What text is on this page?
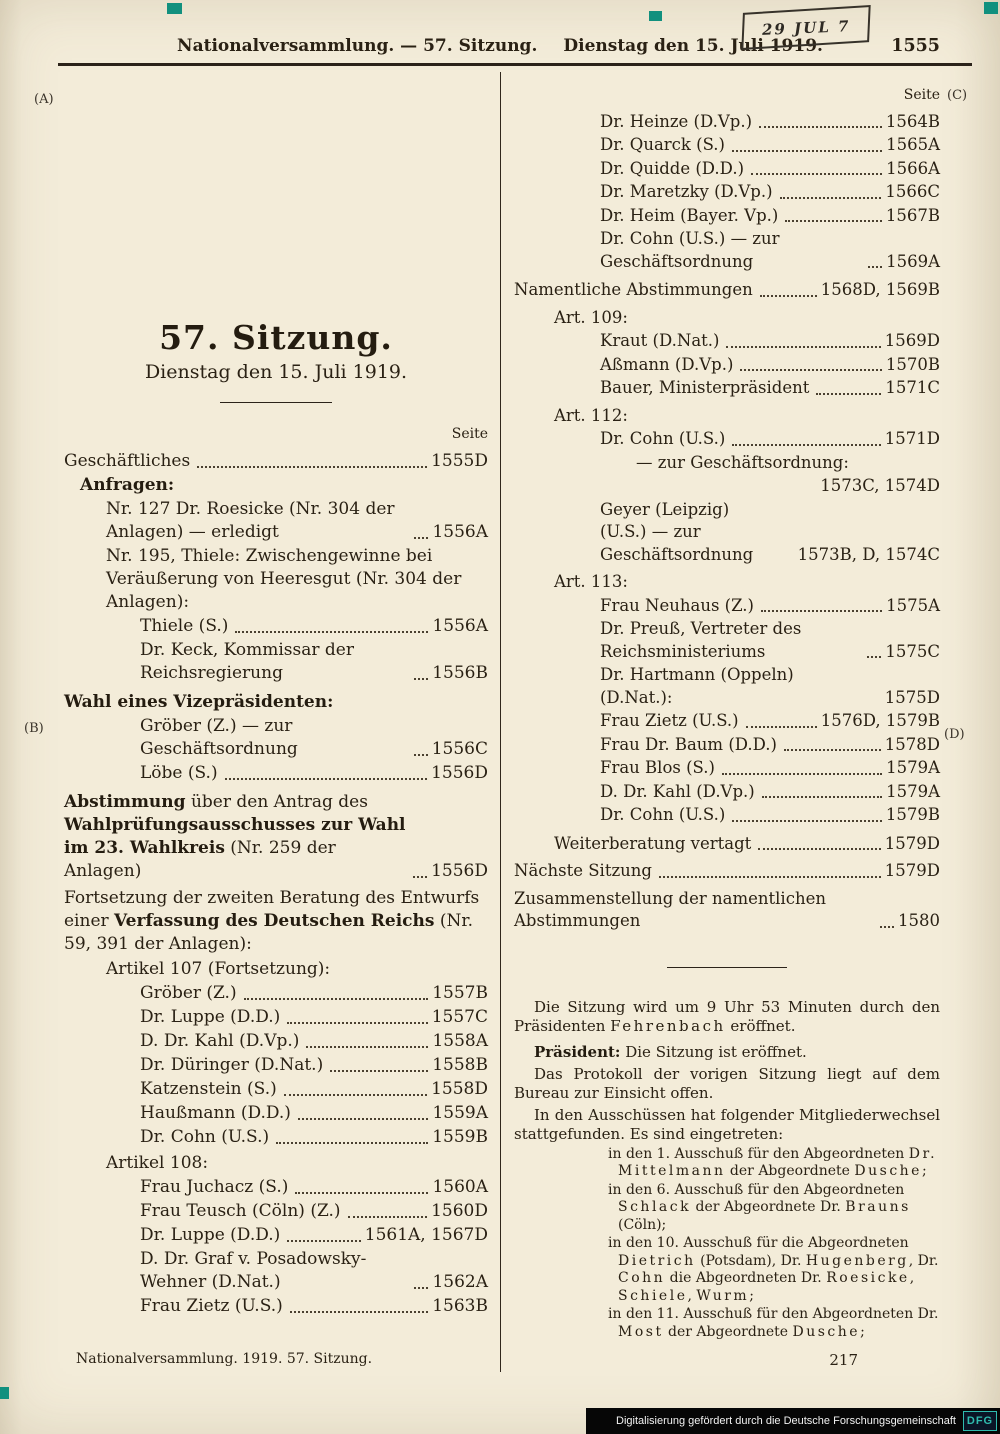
Nationalversammlung. — 57. Sitzung. Dienstag den 15. Juli 1919.	1555
29 JUL 7
(A)
(B)
(C)
(D)
57. Sitzung.
Dienstag den 15. Juli 1919.
Seite
Geschäftliches	1555D
Anfragen:
Nr. 127 Dr. Roesicke (Nr. 304 der Anlagen) — erledigt	1556A
Nr. 195, Thiele: Zwischengewinne bei Veräußerung von Heeresgut (Nr. 304 der Anlagen):
Thiele (S.)	1556A
Dr. Keck, Kommissar der Reichsregierung	1556B
Wahl eines Vizepräsidenten:
Gröber (Z.) — zur Geschäftsordnung	1556C
Löbe (S.)	1556D
Abstimmung über den Antrag des Wahlprüfungsausschusses zur Wahl im 23. Wahlkreis (Nr. 259 der Anlagen)	1556D
Fortsetzung der zweiten Beratung des Entwurfs einer Verfassung des Deutschen Reichs (Nr. 59, 391 der Anlagen):
Artikel 107 (Fortsetzung):
Gröber (Z.)	1557B
Dr. Luppe (D.D.)	1557C
D. Dr. Kahl (D.Vp.)	1558A
Dr. Düringer (D.Nat.)	1558B
Katzenstein (S.)	1558D
Haußmann (D.D.)	1559A
Dr. Cohn (U.S.)	1559B
Artikel 108:
Frau Juchacz (S.)	1560A
Frau Teusch (Cöln) (Z.)	1560D
Dr. Luppe (D.D.)	1561A, 1567D
D. Dr. Graf v. Posadowsky-Wehner (D.Nat.)	1562A
Frau Zietz (U.S.)	1563B
Seite
Dr. Heinze (D.Vp.)	1564B
Dr. Quarck (S.)	1565A
Dr. Quidde (D.D.)	1566A
Dr. Maretzky (D.Vp.)	1566C
Dr. Heim (Bayer. Vp.)	1567B
Dr. Cohn (U.S.) — zur Geschäftsordnung	1569A
Namentliche Abstimmungen	1568D, 1569B
Art. 109:
Kraut (D.Nat.)	1569D
Aßmann (D.Vp.)	1570B
Bauer, Ministerpräsident	1571C
Art. 112:
Dr. Cohn (U.S.)	1571D
— zur Geschäftsordnung:
1573C, 1574D
Geyer (Leipzig) (U.S.) — zur Geschäftsordnung	1573B, D, 1574C
Art. 113:
Frau Neuhaus (Z.)	1575A
Dr. Preuß, Vertreter des Reichsministeriums	1575C
Dr. Hartmann (Oppeln) (D.Nat.):	1575D
Frau Zietz (U.S.)	1576D, 1579B
Frau Dr. Baum (D.D.)	1578D
Frau Blos (S.)	1579A
D. Dr. Kahl (D.Vp.)	1579A
Dr. Cohn (U.S.)	1579B
Weiterberatung vertagt	1579D
Nächste Sitzung	1579D
Zusammenstellung der namentlichen Abstimmungen	1580

Die Sitzung wird um 9 Uhr 53 Minuten durch den Präsidenten Fehrenbach eröffnet.

Präsident: Die Sitzung ist eröffnet.

Das Protokoll der vorigen Sitzung liegt auf dem Bureau zur Einsicht offen.

In den Ausschüssen hat folgender Mitgliederwechsel stattgefunden. Es sind eingetreten:

in den 1. Ausschuß für den Abgeordneten Dr. Mittelmann der Abgeordnete Dusche;
in den 6. Ausschuß für den Abgeordneten Schlack der Abgeordnete Dr. Brauns (Cöln);
in den 10. Ausschuß für die Abgeordneten Dietrich (Potsdam), Dr. Hugenberg, Dr. Cohn die Abgeordneten Dr. Roesicke, Schiele, Wurm;
in den 11. Ausschuß für den Abgeordneten Dr. Most der Abgeordnete Dusche;
217
Nationalversammlung. 1919. 57. Sitzung.
Digitalisierung gefördert durch die Deutsche Forschungsgemeinschaft DFG
